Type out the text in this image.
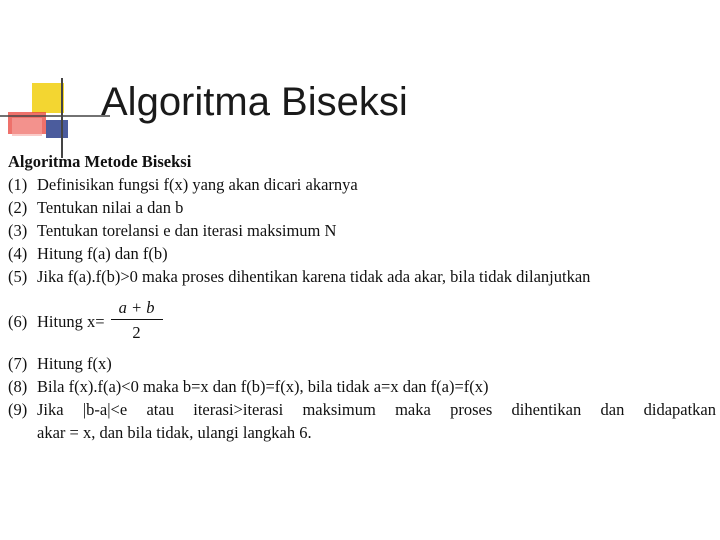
Algoritma Biseksi
Algoritma Metode Biseksi
(1) Definisikan fungsi f(x) yang akan dicari akarnya
(2) Tentukan nilai a dan b
(3) Tentukan torelansi e dan iterasi maksimum N
(4) Hitung f(a) dan f(b)
(5) Jika f(a).f(b)>0 maka proses dihentikan karena tidak ada akar, bila tidak dilanjutkan
(6) Hitung $x= \frac{a + b}{2}$
(7) Hitung f(x)
(8) Bila f(x).f(a)<0 maka b=x dan f(b)=f(x), bila tidak a=x dan f(a)=f(x)
(9) Jika |b-a|<e atau iterasi>iterasi maksimum maka proses dihentikan dan didapatkan
akar = x, dan bila tidak, ulangi langkah 6.
